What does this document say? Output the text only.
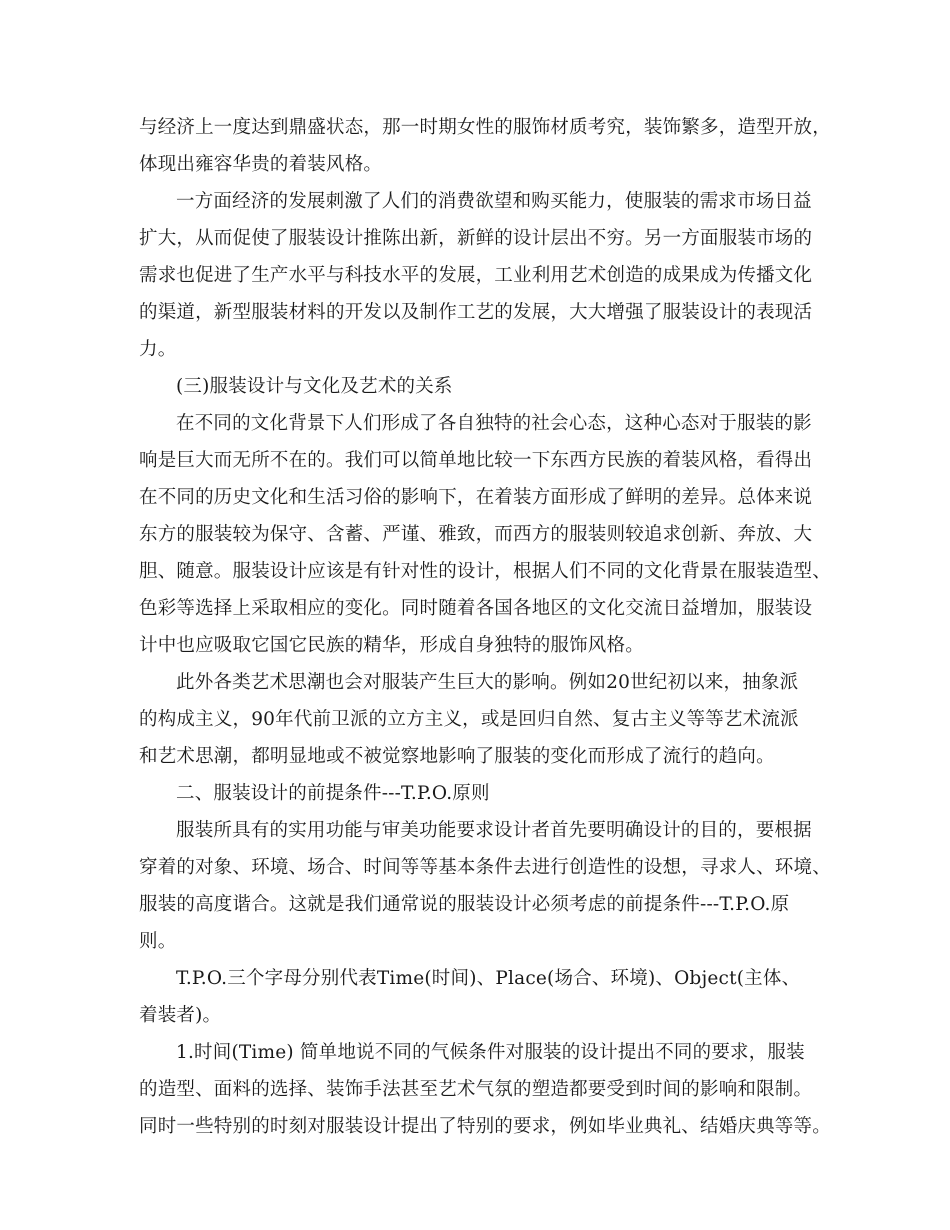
与经济上一度达到鼎盛状态，那一时期女性的服饰材质考究，装饰繁多，造型开放，
体现出雍容华贵的着装风格。
一方面经济的发展刺激了人们的消费欲望和购买能力，使服装的需求市场日益
扩大，从而促使了服装设计推陈出新，新鲜的设计层出不穷。另一方面服装市场的
需求也促进了生产水平与科技水平的发展，工业利用艺术创造的成果成为传播文化
的渠道，新型服装材料的开发以及制作工艺的发展，大大增强了服装设计的表现活
力。
(三)服装设计与文化及艺术的关系
在不同的文化背景下人们形成了各自独特的社会心态，这种心态对于服装的影
响是巨大而无所不在的。我们可以简单地比较一下东西方民族的着装风格，看得出
在不同的历史文化和生活习俗的影响下，在着装方面形成了鲜明的差异。总体来说
东方的服装较为保守、含蓄、严谨、雅致，而西方的服装则较追求创新、奔放、大
胆、随意。服装设计应该是有针对性的设计，根据人们不同的文化背景在服装造型、
色彩等选择上采取相应的变化。同时随着各国各地区的文化交流日益增加，服装设
计中也应吸取它国它民族的精华，形成自身独特的服饰风格。
此外各类艺术思潮也会对服装产生巨大的影响。例如20世纪初以来，抽象派
的构成主义，90年代前卫派的立方主义，或是回归自然、复古主义等等艺术流派
和艺术思潮，都明显地或不被觉察地影响了服装的变化而形成了流行的趋向。
二、服装设计的前提条件---T.P.O.原则
服装所具有的实用功能与审美功能要求设计者首先要明确设计的目的，要根据
穿着的对象、环境、场合、时间等等基本条件去进行创造性的设想，寻求人、环境、
服装的高度谐合。这就是我们通常说的服装设计必须考虑的前提条件---T.P.O.原
则。
T.P.O.三个字母分别代表Time(时间)、Place(场合、环境)、Object(主体、
着装者)。
1.时间(Time) 简单地说不同的气候条件对服装的设计提出不同的要求，服装
的造型、面料的选择、装饰手法甚至艺术气氛的塑造都要受到时间的影响和限制。
同时一些特别的时刻对服装设计提出了特别的要求，例如毕业典礼、结婚庆典等等。
